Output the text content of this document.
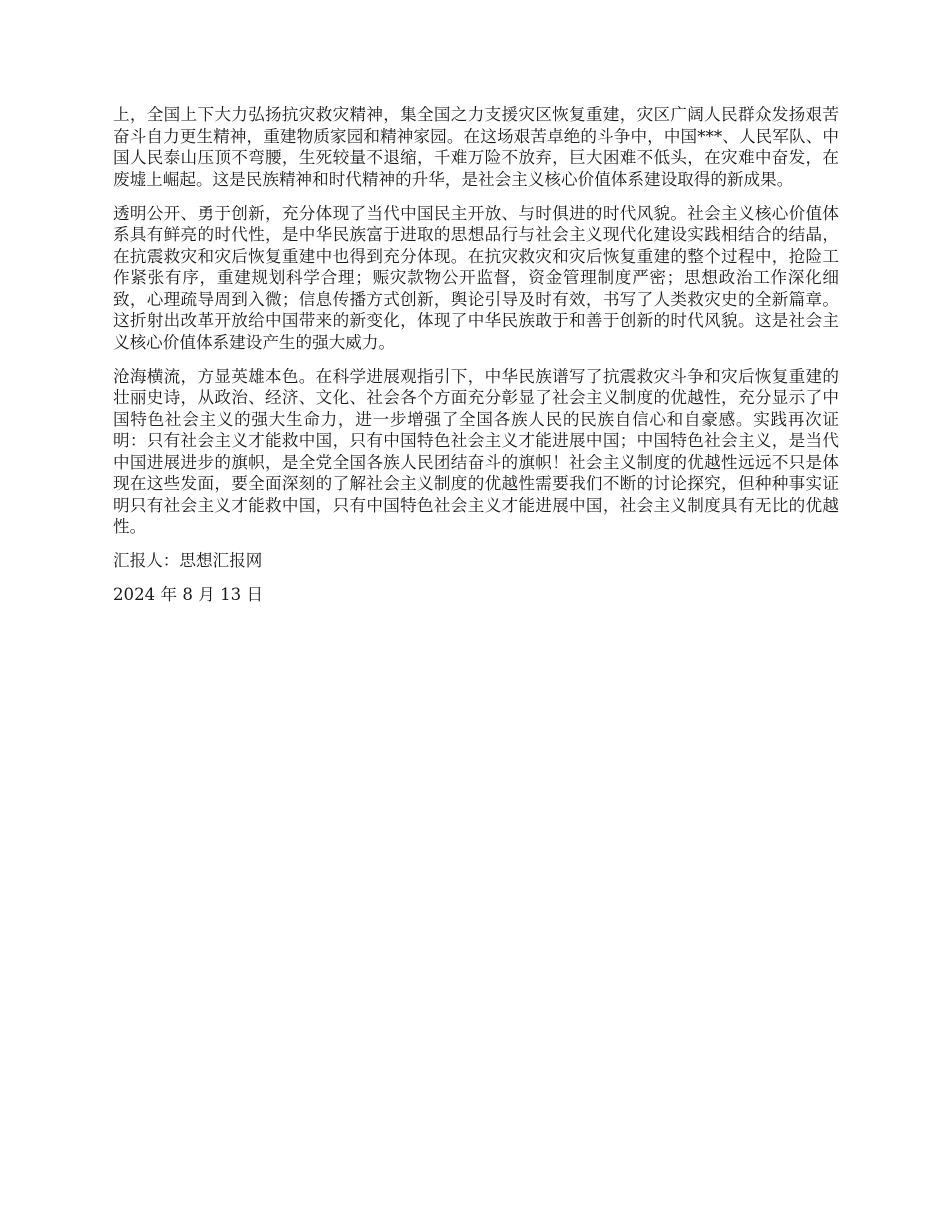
上，全国上下大力弘扬抗灾救灾精神，集全国之力支援灾区恢复重建，灾区广阔人民群众发扬艰苦奋斗自力更生精神，重建物质家园和精神家园。在这场艰苦卓绝的斗争中，中国***、人民军队、中国人民泰山压顶不弯腰，生死较量不退缩，千难万险不放弃，巨大困难不低头，在灾难中奋发，在废墟上崛起。这是民族精神和时代精神的升华，是社会主义核心价值体系建设取得的新成果。

透明公开、勇于创新，充分体现了当代中国民主开放、与时俱进的时代风貌。社会主义核心价值体系具有鲜亮的时代性，是中华民族富于进取的思想品行与社会主义现代化建设实践相结合的结晶，在抗震救灾和灾后恢复重建中也得到充分体现。在抗灾救灾和灾后恢复重建的整个过程中，抢险工作紧张有序，重建规划科学合理；赈灾款物公开监督，资金管理制度严密；思想政治工作深化细致，心理疏导周到入微；信息传播方式创新，舆论引导及时有效，书写了人类救灾史的全新篇章。这折射出改革开放给中国带来的新变化，体现了中华民族敢于和善于创新的时代风貌。这是社会主义核心价值体系建设产生的强大威力。

沧海横流，方显英雄本色。在科学进展观指引下，中华民族谱写了抗震救灾斗争和灾后恢复重建的壮丽史诗，从政治、经济、文化、社会各个方面充分彰显了社会主义制度的优越性，充分显示了中国特色社会主义的强大生命力，进一步增强了全国各族人民的民族自信心和自豪感。实践再次证明：只有社会主义才能救中国，只有中国特色社会主义才能进展中国；中国特色社会主义，是当代中国进展进步的旗帜，是全党全国各族人民团结奋斗的旗帜！社会主义制度的优越性远远不只是体现在这些发面，要全面深刻的了解社会主义制度的优越性需要我们不断的讨论探究，但种种事实证明只有社会主义才能救中国，只有中国特色社会主义才能进展中国，社会主义制度具有无比的优越性。

汇报人：思想汇报网

2024 年 8 月 13 日
